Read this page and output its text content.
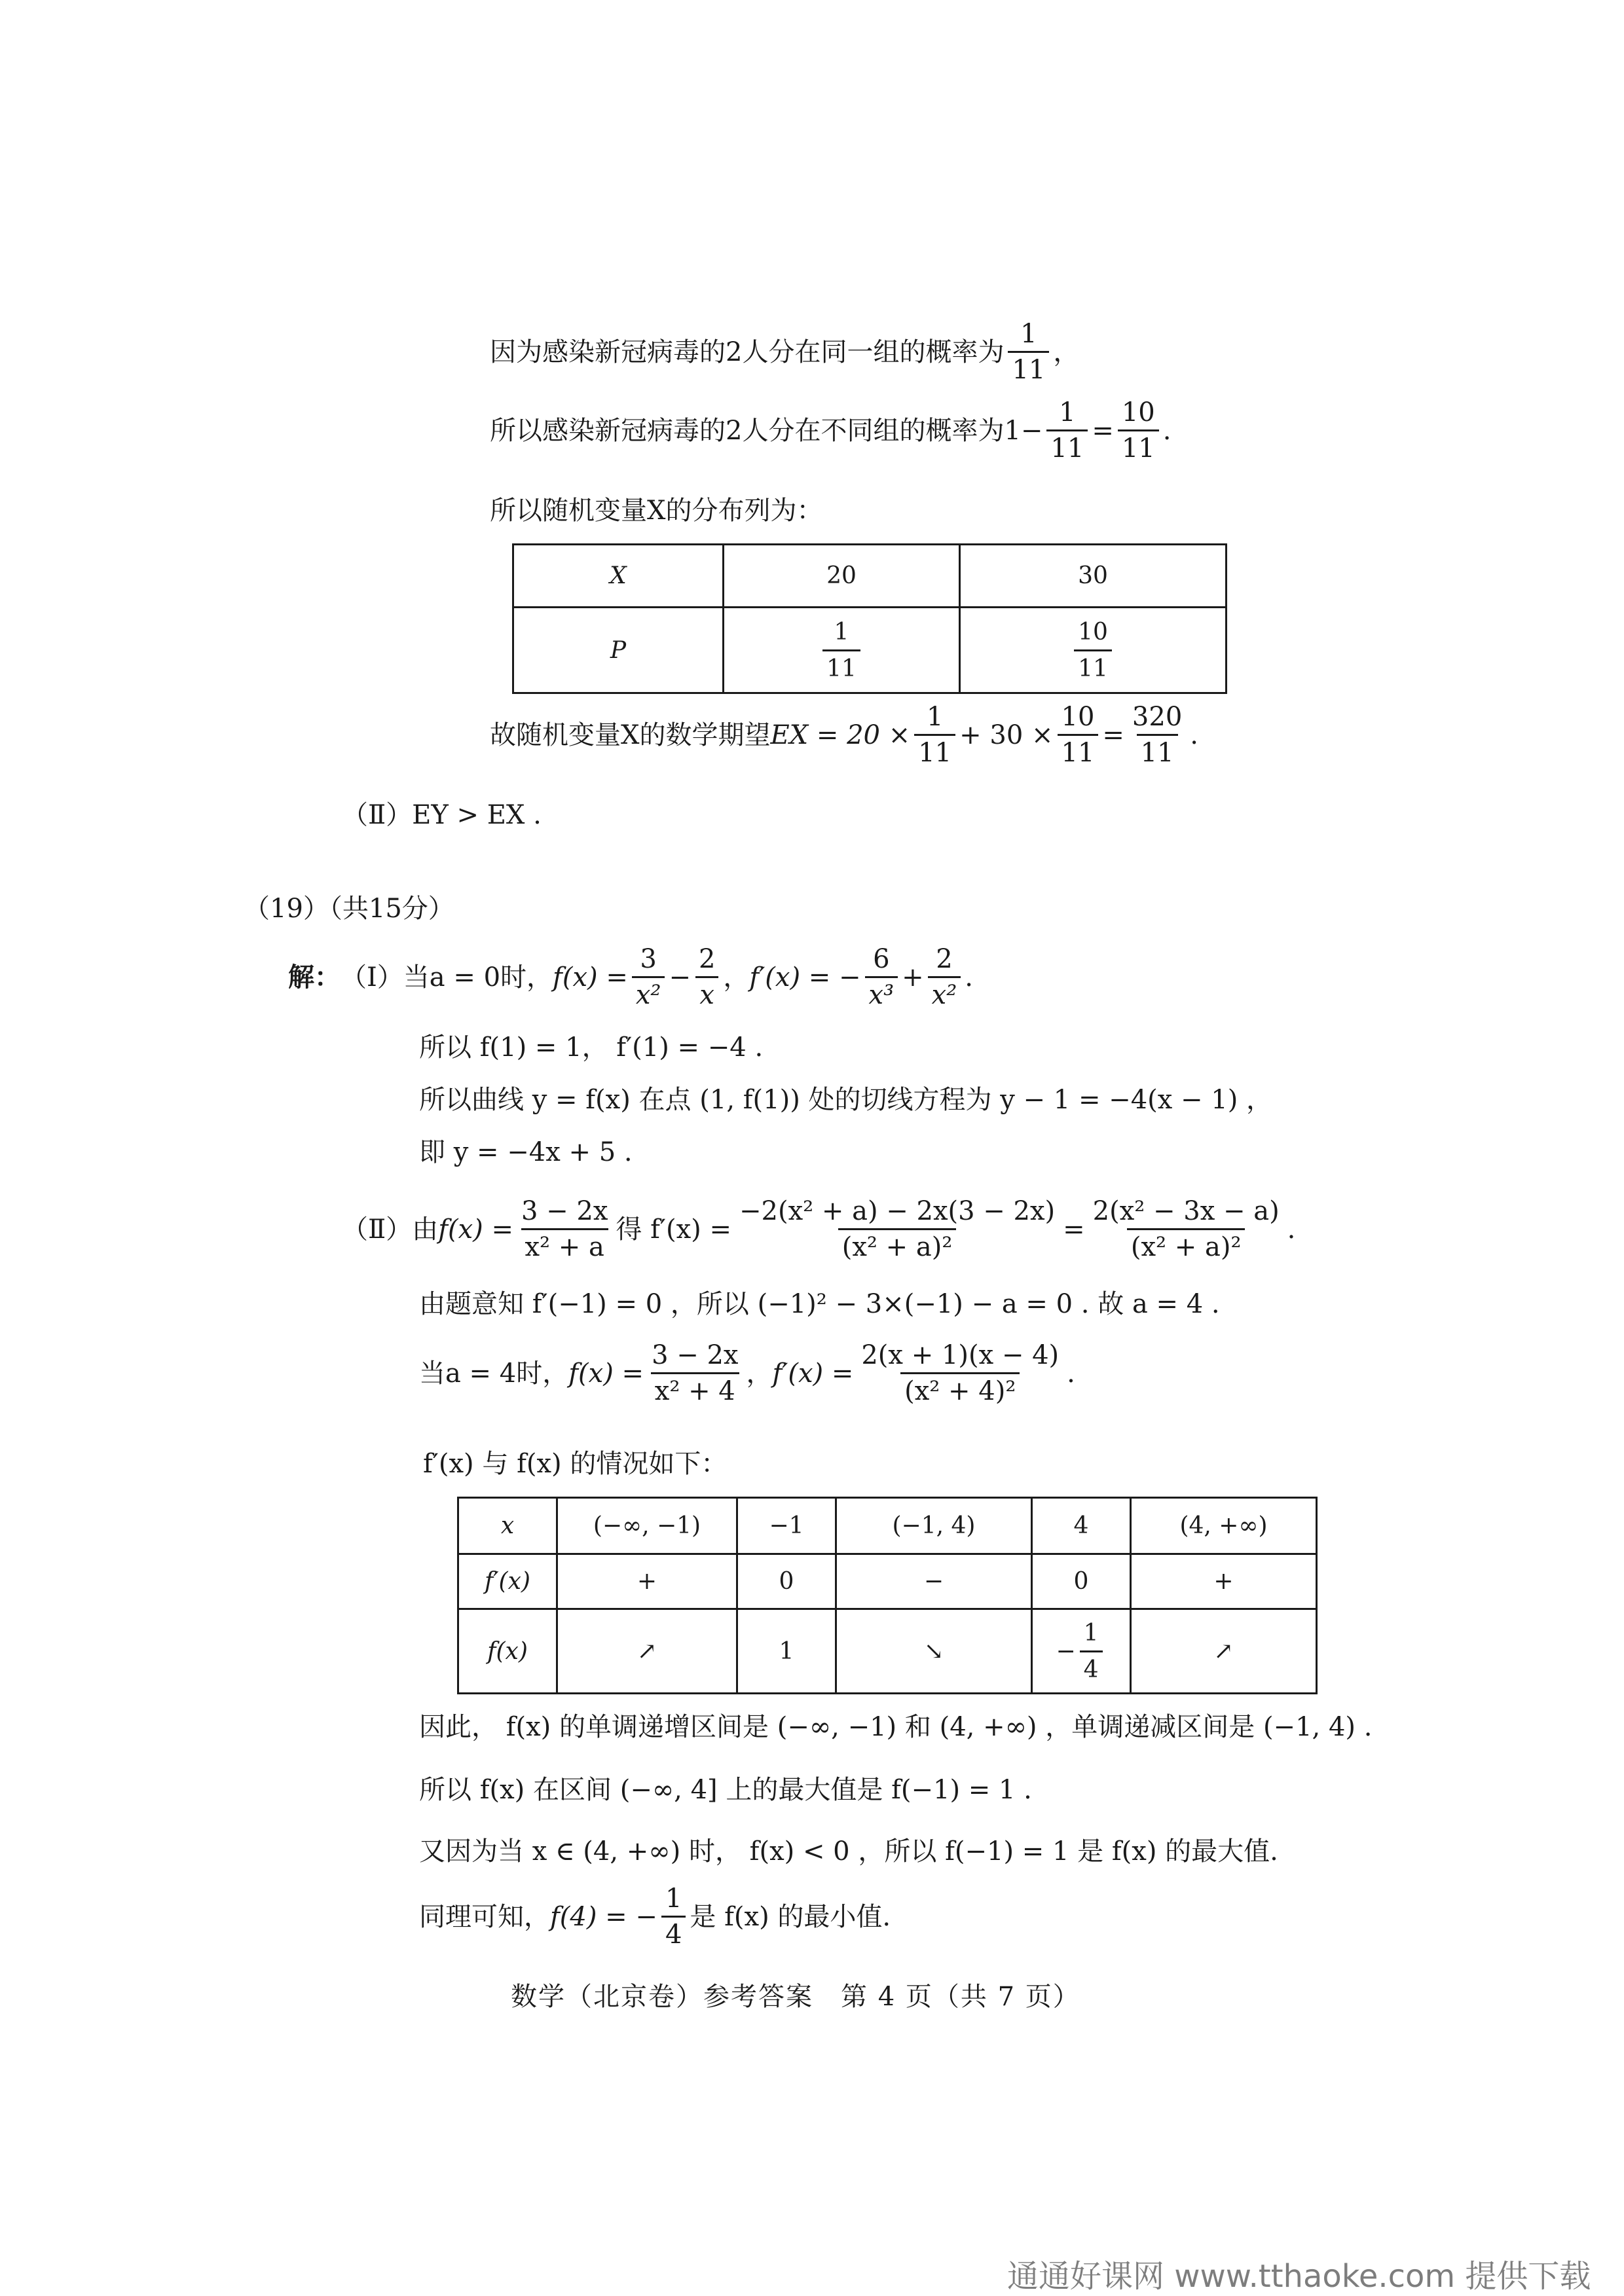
因为感染新冠病毒的2人分在同一组的概率为 $\frac{1}{11}$ ，
所以感染新冠病毒的2人分在不同组的概率为 $1- \frac{1}{11} = \frac{10}{11}$ .
所以随机变量X的分布列为：
X	20	30
P	$\frac{1}{11}$	$\frac{10}{11}$
故随机变量X的数学期望 EX = $20 \times \frac{1}{11} + 30 \times \frac{10}{11} = \frac{320}{11}$ .
（Ⅱ）EY > EX .
（19）（共15分）
解： （Ⅰ）当a = 0时， $f(x) = \frac{3}{\text{x²}} - \frac{2}{x}$ ， f′(x) = − $\frac{6}{\text{x³}} + \frac{2}{\text{x²}}$ .
所以 f(1) = 1， f′(1) = −4 .
所以曲线 y = f(x) 在点 (1, f(1)) 处的切线方程为 y − 1 = −4(x − 1) ，
即 y = −4x + 5 .
（Ⅱ）由 $f(x) = \frac{3 - 2x}{\text{x² + a}}$ 得 $f'(x) = \frac{\text{−2(x² + a) − 2x(3 − 2x)}}{\text{(x² + a)²}} = \frac{\text{2(x² − 3x − a)}}{\text{(x² + a)²}}$ .
由题意知 f′(−1) = 0 ，所以 (−1)² − 3×(−1) − a = 0 . 故 a = 4 .
当a = 4时， $f(x) = \frac{3 - 2x}{\text{x² + 4}}$ ， $f'(x) = \frac{2(x + 1)(x - 4)}{\text{(x² + 4)²}}$ .
f′(x) 与 f(x) 的情况如下：
x	(−∞, −1)	−1	(−1, 4)	4	(4, +∞)
f′(x)	+	0	−	0	+
f(x)	↗	1	↘	− $\frac{1}{4}$	↗
因此， f(x) 的单调递增区间是 (−∞, −1) 和 (4, +∞) ，单调递减区间是 (−1, 4) .
所以 f(x) 在区间 (−∞, 4] 上的最大值是 f(−1) = 1 .
又因为当 x ∈ (4, +∞) 时， f(x) < 0 ，所以 f(−1) = 1 是 f(x) 的最大值.
同理可知， f(4) = − $\frac{1}{4}$ 是 f(x) 的最小值.
数学（北京卷）参考答案　第 4 页（共 7 页）
通通好课网 www.tthaoke.com 提供下载
